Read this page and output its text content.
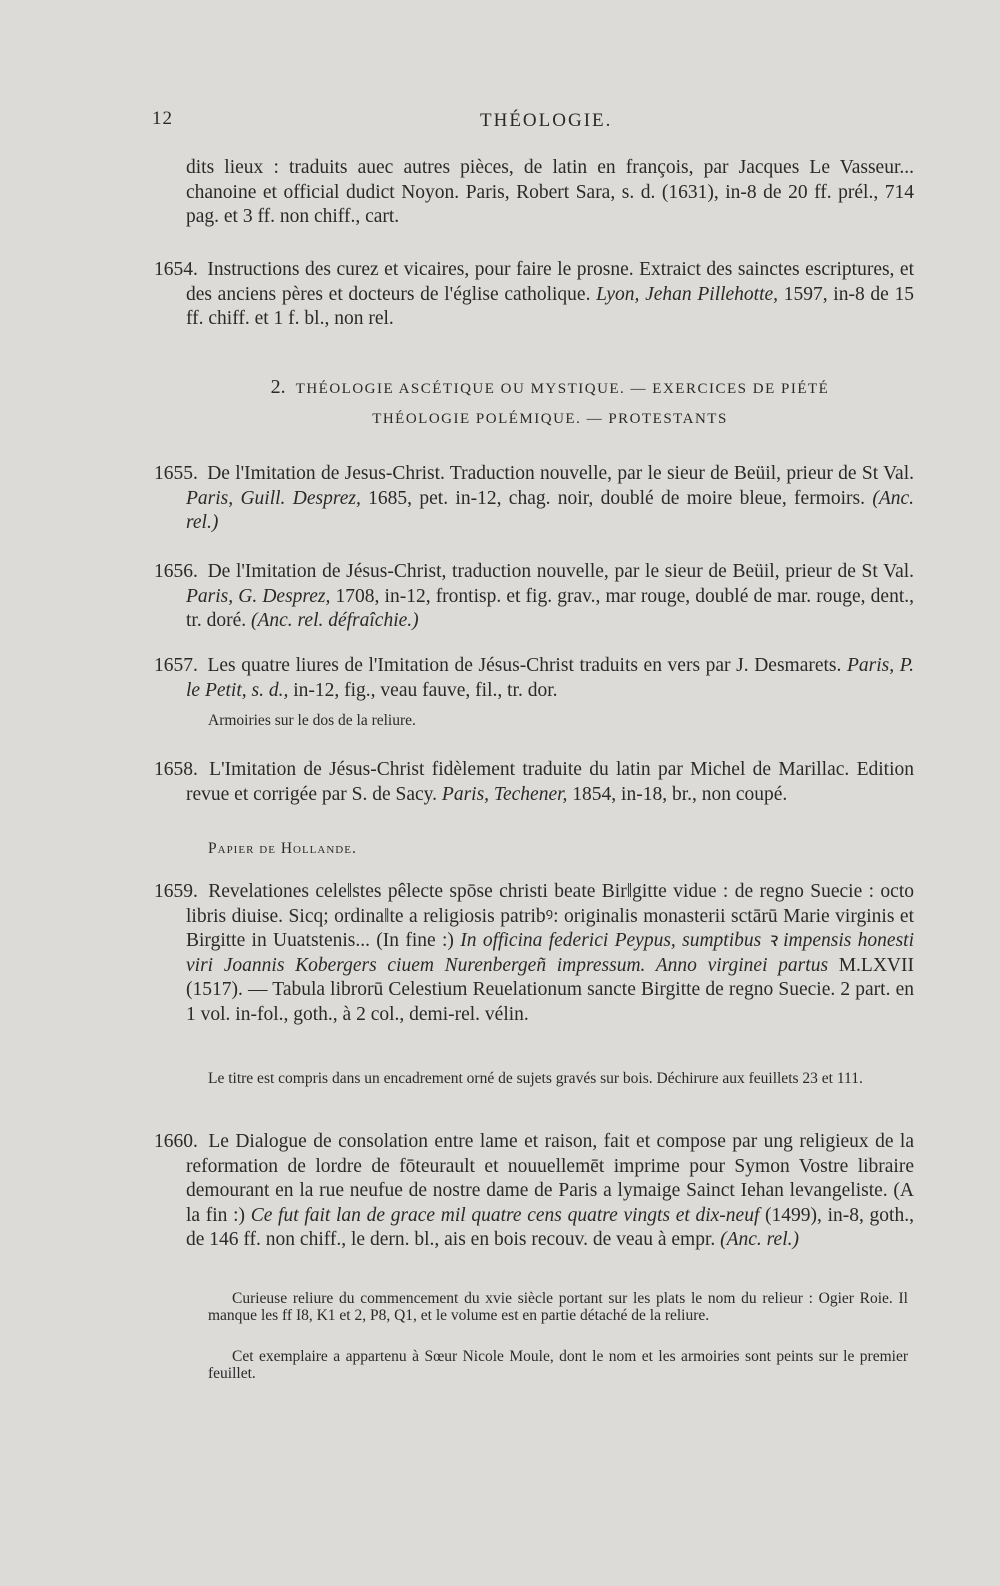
12	THÉOLOGIE.
dits lieux : traduits auec autres pièces, de latin en françois, par Jacques Le Vasseur... chanoine et official dudict Noyon. Paris, Robert Sara, s. d. (1631), in-8 de 20 ff. prél., 714 pag. et 3 ff. non chiff., cart.
1654. Instructions des curez et vicaires, pour faire le prosne. Extraict des sainctes escriptures, et des anciens pères et docteurs de l'église catholique. Lyon, Jehan Pillehotte, 1597, in-8 de 15 ff. chiff. et 1 f. bl., non rel.
2. THÉOLOGIE ASCÉTIQUE OU MYSTIQUE. — EXERCICES DE PIÉTÉ
THÉOLOGIE POLÉMIQUE. — PROTESTANTS
1655. De l'Imitation de Jesus-Christ. Traduction nouvelle, par le sieur de Beüil, prieur de St Val. Paris, Guill. Desprez, 1685, pet. in-12, chag. noir, doublé de moire bleue, fermoirs. (Anc. rel.)
1656. De l'Imitation de Jésus-Christ, traduction nouvelle, par le sieur de Beüil, prieur de St Val. Paris, G. Desprez, 1708, in-12, frontisp. et fig. grav., mar rouge, doublé de mar. rouge, dent., tr. doré. (Anc. rel. défraîchie.)
1657. Les quatre liures de l'Imitation de Jésus-Christ traduits en vers par J. Desmarets. Paris, P. le Petit, s. d., in-12, fig., veau fauve, fil., tr. dor.
Armoiries sur le dos de la reliure.
1658. L'Imitation de Jésus-Christ fidèlement traduite du latin par Michel de Marillac. Edition revue et corrigée par S. de Sacy. Paris, Techener, 1854, in-18, br., non coupé.
Papier de Hollande.
1659. Revelationes cele‖stes pêlecte spōse christi beate Bir‖gitte vidue : de regno Suecie : octo libris diuise. Sicq; ordina‖te a religiosis patribꝰ: originalis monasterii sctārū Marie virginis et Birgitte in Uuatstenis... (In fine :) In officina federici Peypus, sumptibus ꝛ impensis honesti viri Joannis Kobergers ciuem Nurenbergeñ impressum. Anno virginei partus M.LXVII (1517). — Tabula librorū Celestium Reuelationum sancte Birgitte de regno Suecie. 2 part. en 1 vol. in-fol., goth., à 2 col., demi-rel. vélin.
Le titre est compris dans un encadrement orné de sujets gravés sur bois. Déchirure aux feuillets 23 et 111.
1660. Le Dialogue de consolation entre lame et raison, fait et compose par ung religieux de la reformation de lordre de fōteurault et nouuellemēt imprime pour Symon Vostre libraire demourant en la rue neufue de nostre dame de Paris a lymaige Sainct Iehan levangeliste. (A la fin :) Ce fut fait lan de grace mil quatre cens quatre vingts et dix-neuf (1499), in-8, goth., de 146 ff. non chiff., le dern. bl., ais en bois recouv. de veau à empr. (Anc. rel.)
Curieuse reliure du commencement du xvie siècle portant sur les plats le nom du relieur : Ogier Roie. Il manque les ff I8, K1 et 2, P8, Q1, et le volume est en partie détaché de la reliure.
Cet exemplaire a appartenu à Sœur Nicole Moule, dont le nom et les armoiries sont peints sur le premier feuillet.
